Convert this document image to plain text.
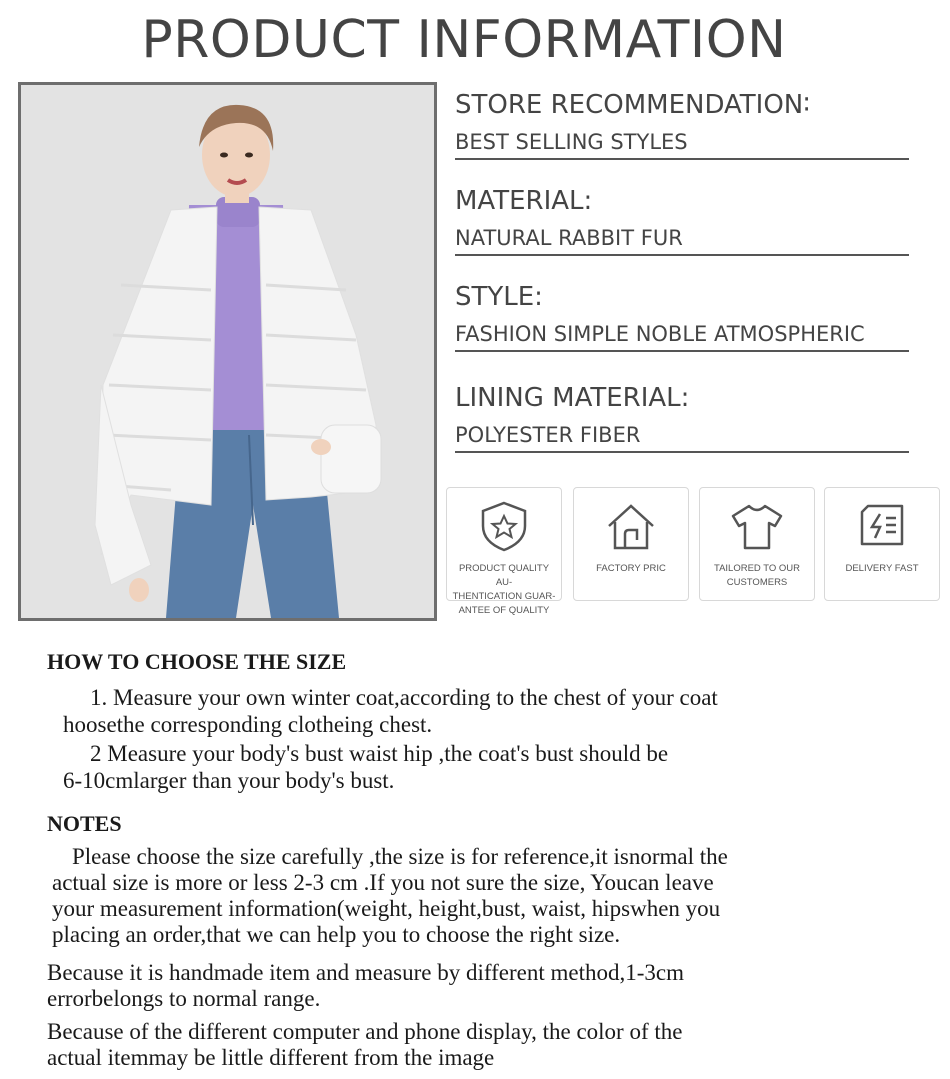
PRODUCT INFORMATION
STORE RECOMMENDATION∶
BEST SELLING STYLES
MATERIAL:
NATURAL RABBIT FUR
STYLE:
FASHION SIMPLE NOBLE ATMOSPHERIC
LINING MATERIAL:
POLYESTER FIBER
PRODUCT QUALITY AU-
THENTICATION GUAR-
ANTEE OF QUALITY
FACTORY PRIC	TAILORED TO OUR
CUSTOMERS
DELIVERY FAST
HOW TO CHOOSE THE SIZE
1. Measure your own winter coat,according to the chest of your coat
hoosethe corresponding clotheing chest.
2 Measure your body's bust waist hip ,the coat's bust should be
6-10cmlarger than your body's bust.
NOTES
Please choose the size carefully ,the size is for reference,it isnormal the
actual size is more or less 2-3 cm .If you not sure the size, Youcan leave
your measurement information(weight, height,bust, waist, hipswhen you
placing an order,that we can help you to choose the right size.
Because it is handmade item and measure by different method,1-3cm
errorbelongs to normal range.
Because of the different computer and phone display, the color of the
actual itemmay be little different from the image
